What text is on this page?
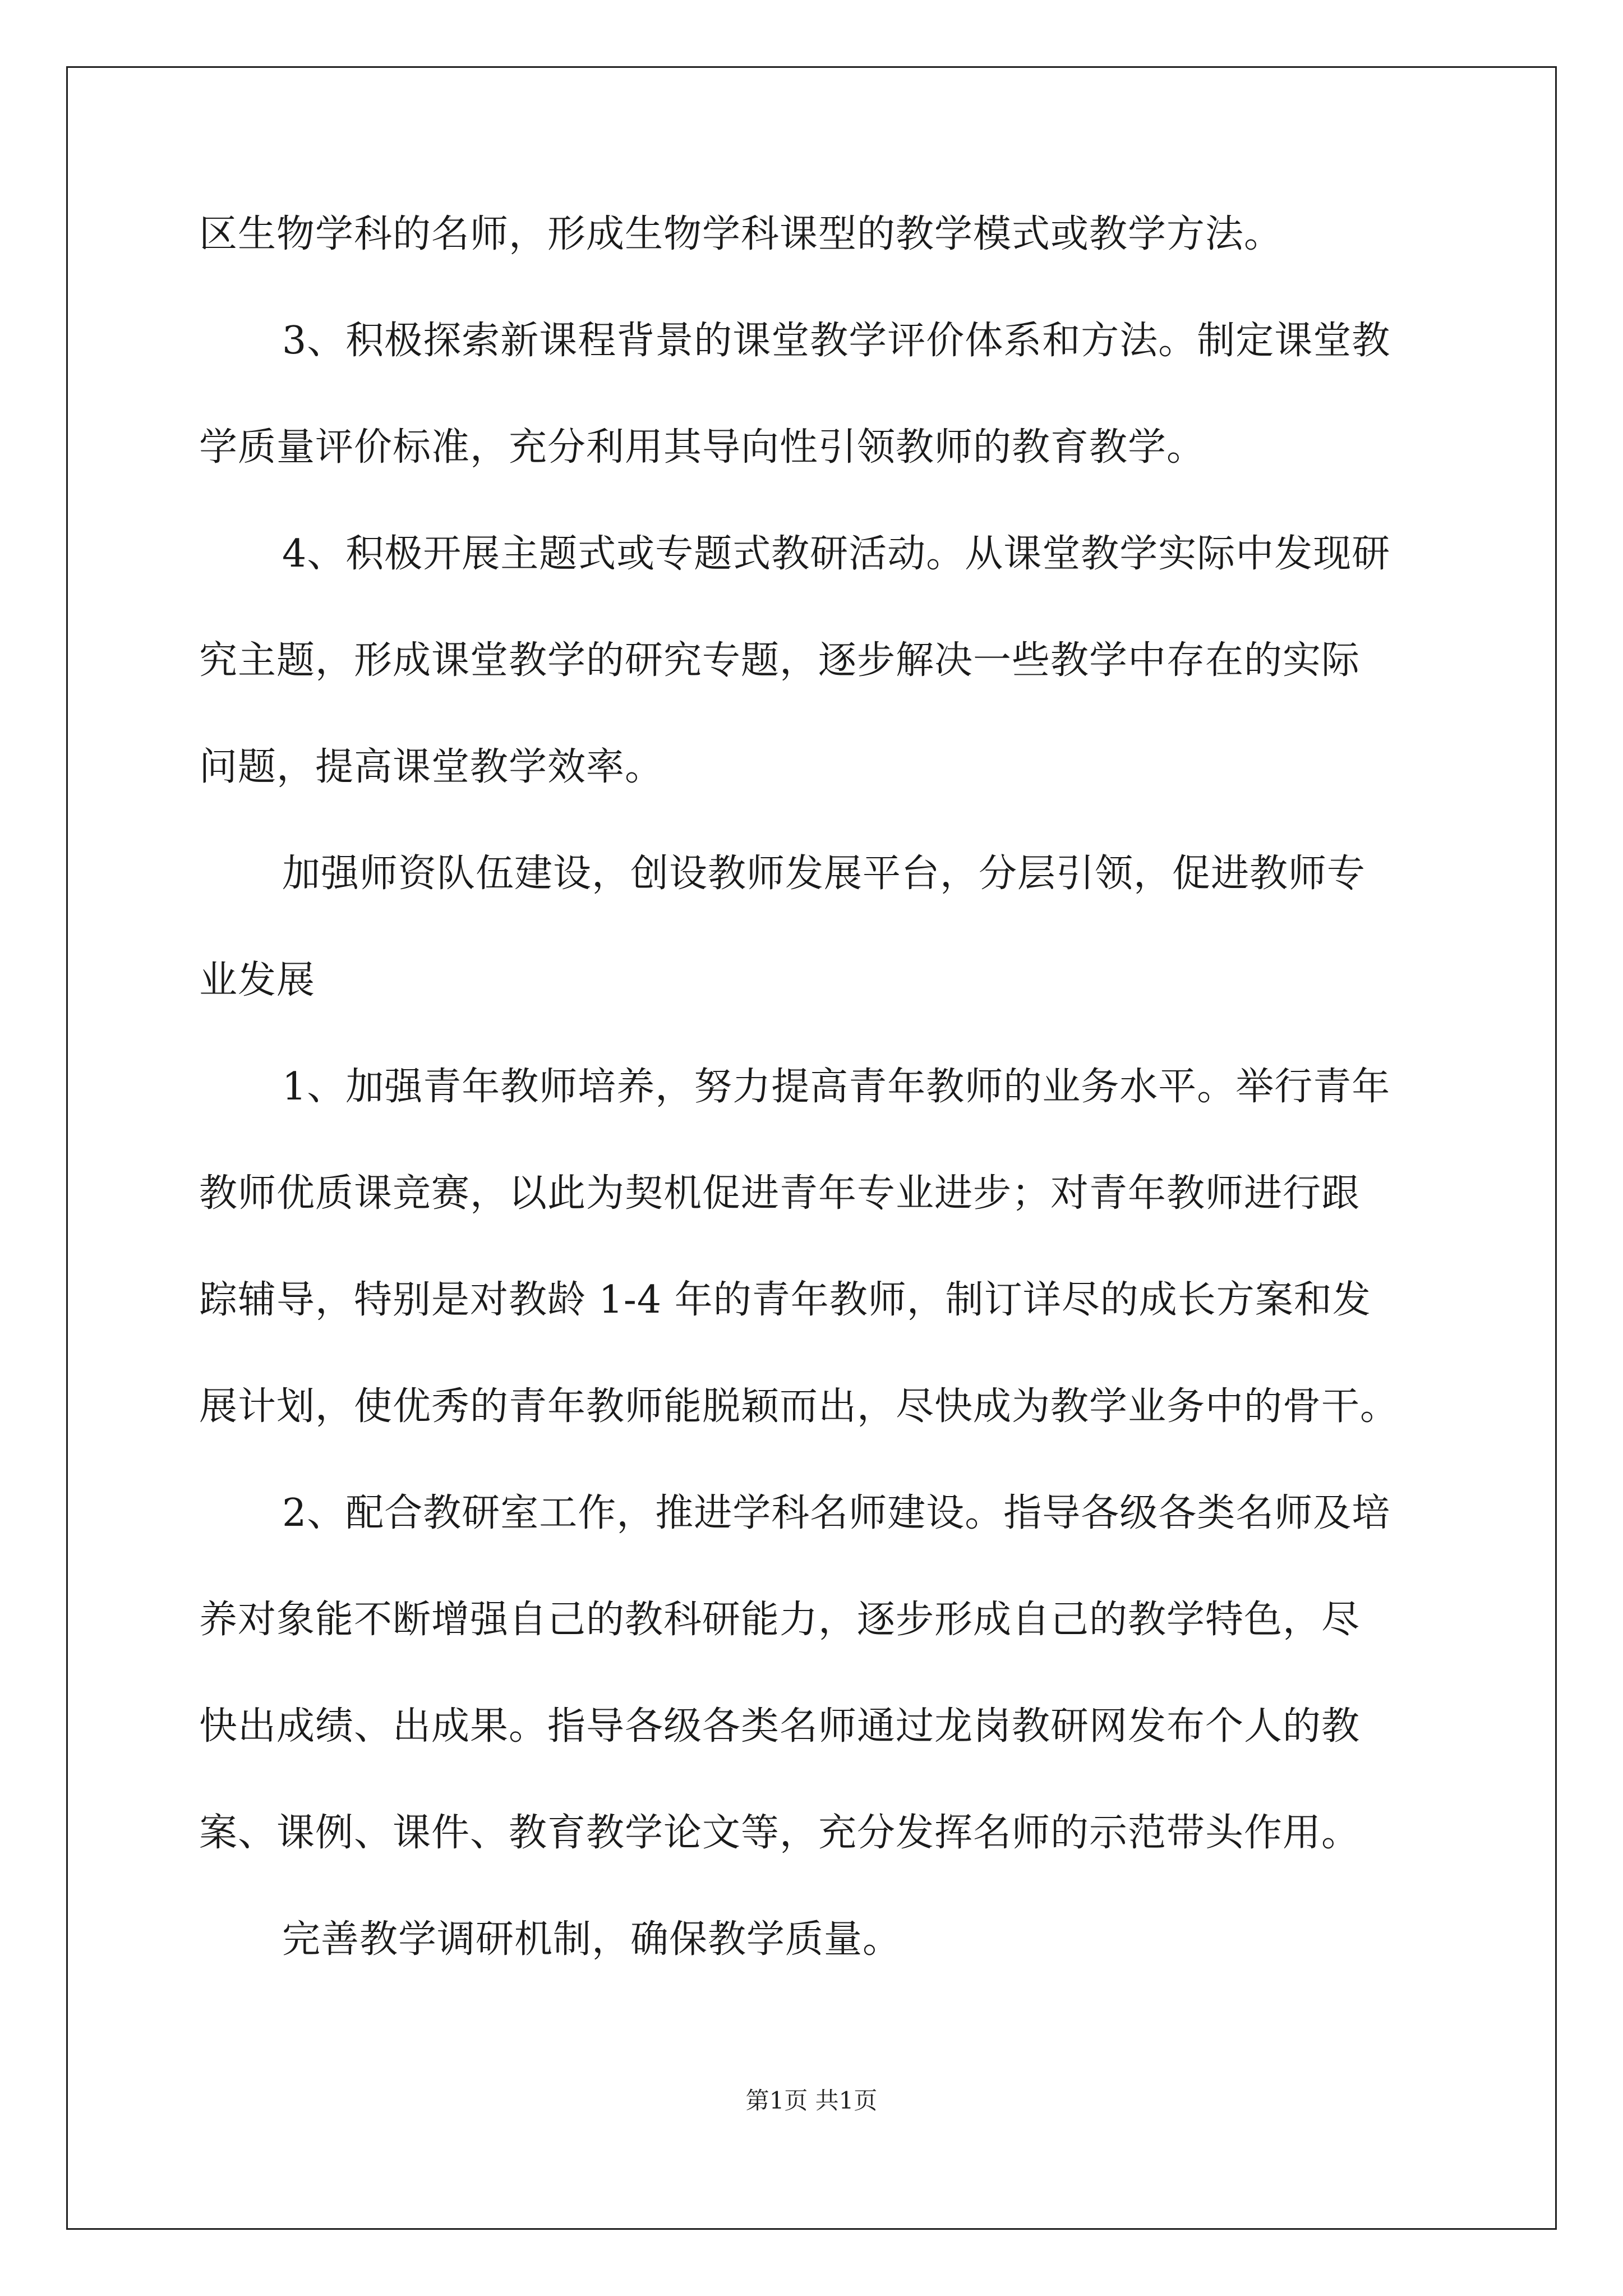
区生物学科的名师，形成生物学科课型的教学模式或教学方法。
3、积极探索新课程背景的课堂教学评价体系和方法。制定课堂教
学质量评价标准，充分利用其导向性引领教师的教育教学。
4、积极开展主题式或专题式教研活动。从课堂教学实际中发现研
究主题，形成课堂教学的研究专题，逐步解决一些教学中存在的实际
问题，提高课堂教学效率。
加强师资队伍建设，创设教师发展平台，分层引领，促进教师专
业发展
1、加强青年教师培养，努力提高青年教师的业务水平。举行青年
教师优质课竞赛，以此为契机促进青年专业进步；对青年教师进行跟
踪辅导，特别是对教龄 1-4 年的青年教师，制订详尽的成长方案和发
展计划，使优秀的青年教师能脱颖而出，尽快成为教学业务中的骨干。
2、配合教研室工作，推进学科名师建设。指导各级各类名师及培
养对象能不断增强自己的教科研能力，逐步形成自己的教学特色，尽
快出成绩、出成果。指导各级各类名师通过龙岗教研网发布个人的教
案、课例、课件、教育教学论文等，充分发挥名师的示范带头作用。
完善教学调研机制，确保教学质量。
第1页 共1页
